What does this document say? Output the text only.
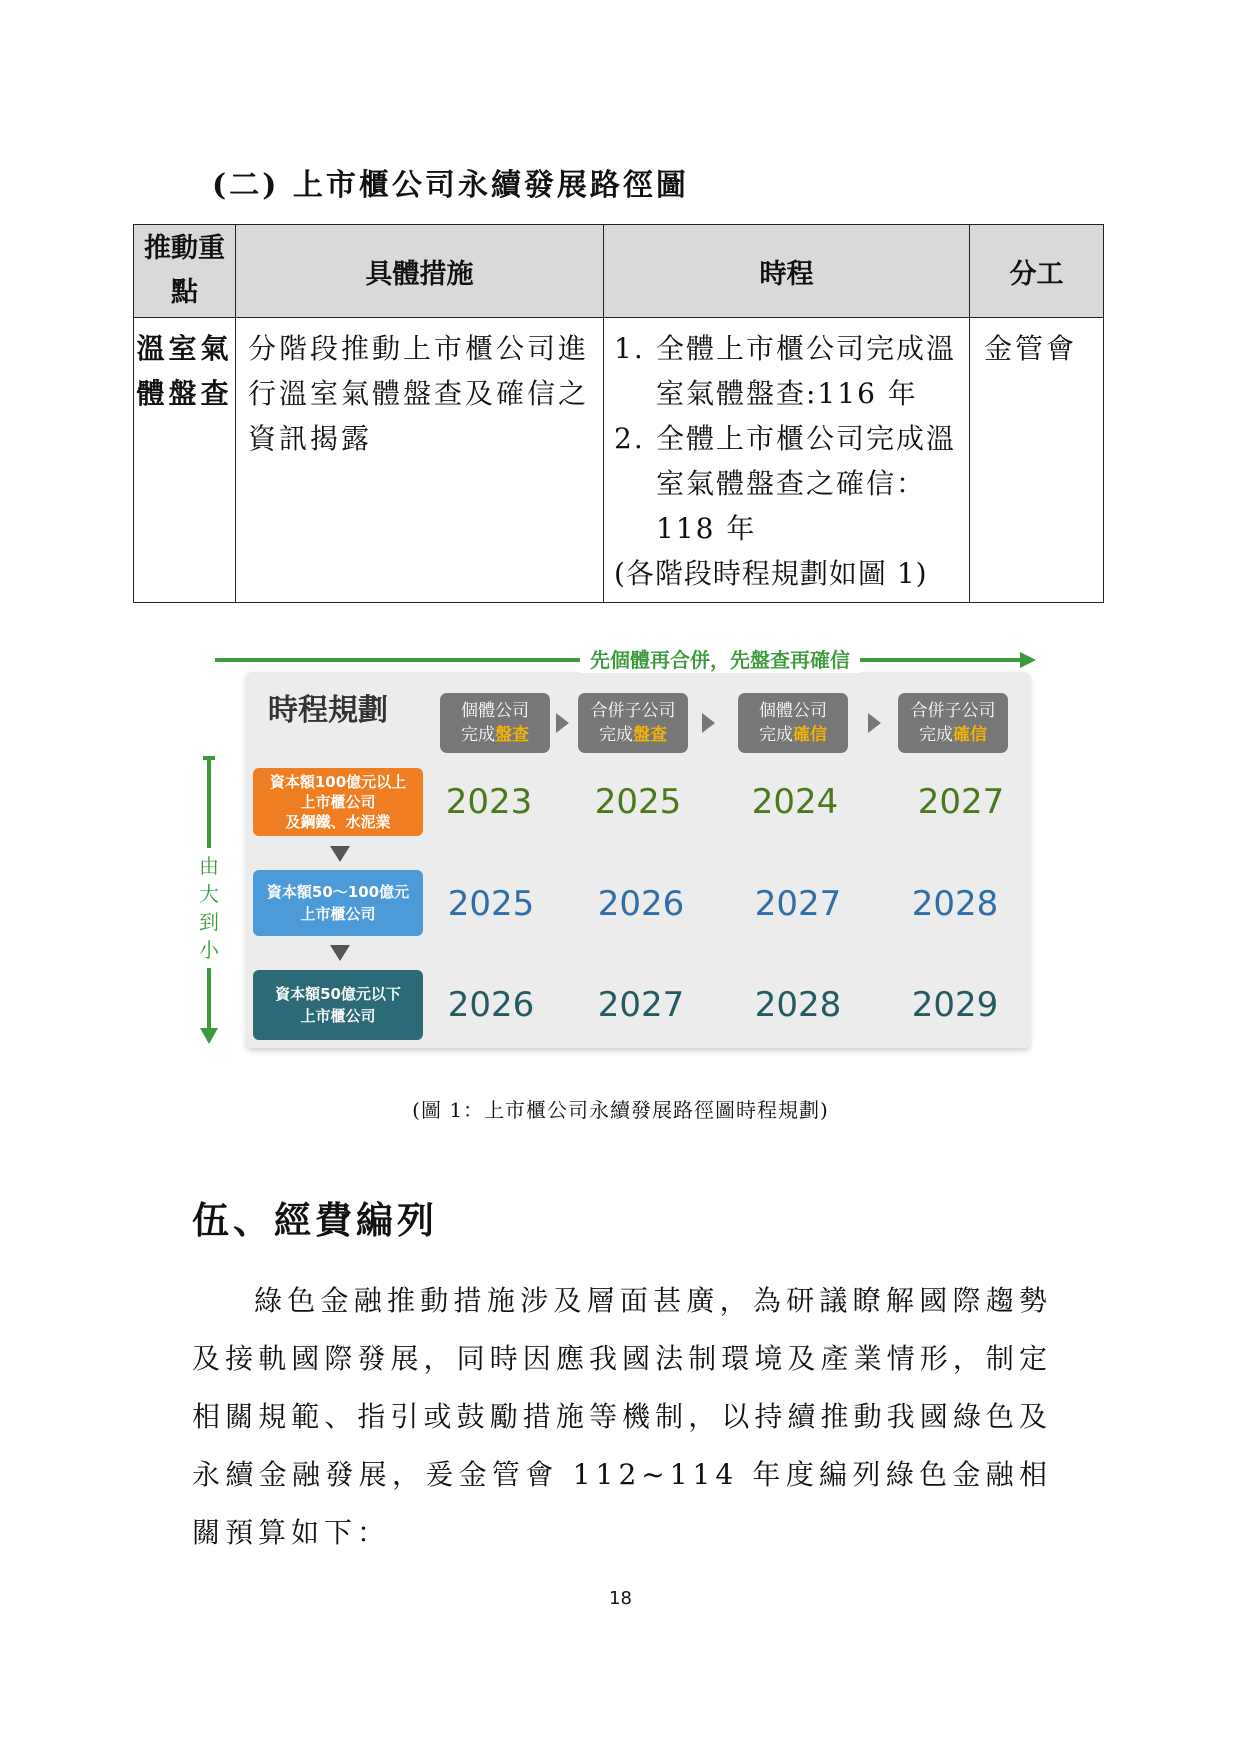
(二) 上市櫃公司永續發展路徑圖
推動重點	具體措施	時程	分工
溫室氣體盤查	分階段推動上市櫃公司進行溫室氣體盤查及確信之資訊揭露	1. 全體上市櫃公司完成溫室氣體盤查:116 年
2. 全體上市櫃公司完成溫室氣體盤查之確信：118 年
(各階段時程規劃如圖 1)	金管會
先個體再合併，先盤查再確信
時程規劃	個體公司
完成盤查
合併子公司
完成盤查
個體公司
完成確信
合併子公司
完成確信
資本額100億元以上
上市櫃公司
及鋼鐵、水泥業
資本額50～100億元
上市櫃公司
資本額50億元以下
上市櫃公司
2023	2025	2024	2027
2025	2026	2027	2028
2026	2027	2028	2029
由大到小
(圖 1：上市櫃公司永續發展路徑圖時程規劃)
伍、經費編列
綠色金融推動措施涉及層面甚廣，為研議瞭解國際趨勢及接軌國際發展，同時因應我國法制環境及產業情形，制定相關規範、指引或鼓勵措施等機制，以持續推動我國綠色及永續金融發展，爰金管會 112~114 年度編列綠色金融相關預算如下：
18
